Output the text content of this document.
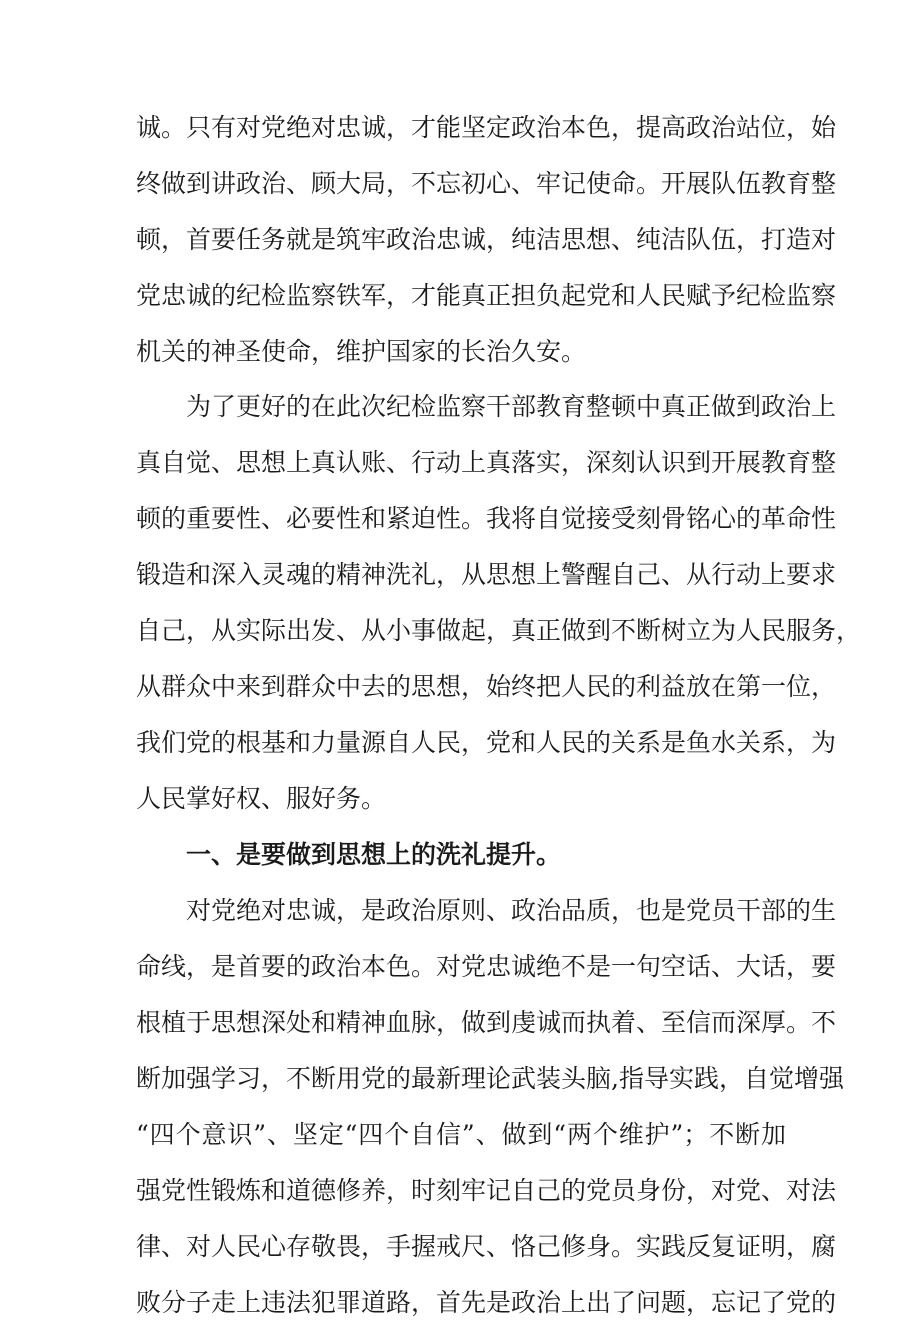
诚。只有对党绝对忠诚，才能坚定政治本色，提高政治站位，始
终做到讲政治、顾大局，不忘初心、牢记使命。开展队伍教育整
顿，首要任务就是筑牢政治忠诚，纯洁思想、纯洁队伍，打造对
党忠诚的纪检监察铁军，才能真正担负起党和人民赋予纪检监察
机关的神圣使命，维护国家的长治久安。
为了更好的在此次纪检监察干部教育整顿中真正做到政治上
真自觉、思想上真认账、行动上真落实，深刻认识到开展教育整
顿的重要性、必要性和紧迫性。我将自觉接受刻骨铭心的革命性
锻造和深入灵魂的精神洗礼，从思想上警醒自己、从行动上要求
自己，从实际出发、从小事做起，真正做到不断树立为人民服务，
从群众中来到群众中去的思想，始终把人民的利益放在第一位，
我们党的根基和力量源自人民，党和人民的关系是鱼水关系，为
人民掌好权、服好务。
一、是要做到思想上的洗礼提升。
对党绝对忠诚，是政治原则、政治品质，也是党员干部的生
命线，是首要的政治本色。对党忠诚绝不是一句空话、大话，要
根植于思想深处和精神血脉，做到虔诚而执着、至信而深厚。不
断加强学习，不断用党的最新理论武装头脑,指导实践，自觉增强
“四个意识”、坚定“四个自信”、做到“两个维护”；不断加
强党性锻炼和道德修养，时刻牢记自己的党员身份，对党、对法
律、对人民心存敬畏，手握戒尺、恪己修身。实践反复证明，腐
败分子走上违法犯罪道路，首先是政治上出了问题，忘记了党的
